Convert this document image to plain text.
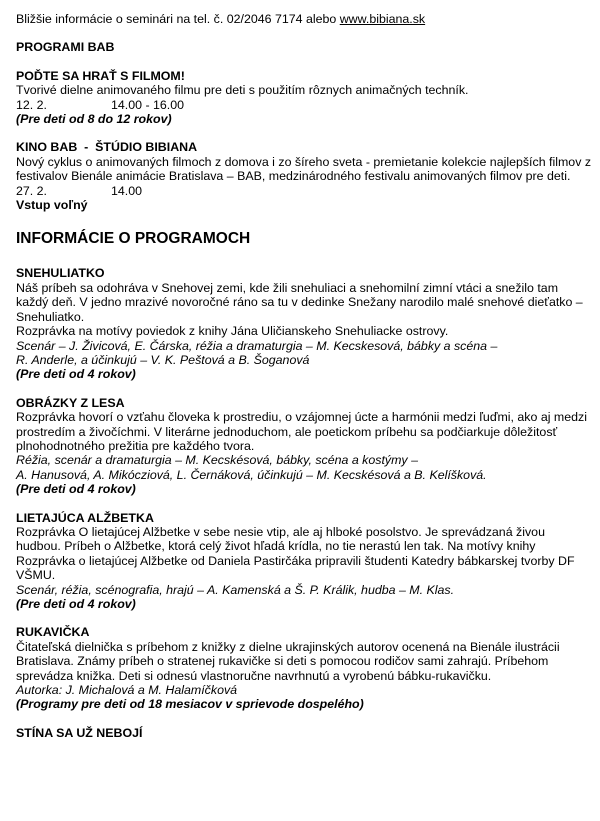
Bližšie informácie o seminári na tel. č. 02/2046 7174 alebo www.bibiana.sk

PROGRAMI BAB

POĎTE SA HRAŤ S FILMOM!

Tvorivé dielne animovaného filmu pre deti s použitím rôznych animačných techník.

12. 2.	14.00 - 16.00

(Pre deti od 8 do 12 rokov)

KINO BAB  -  ŠTÚDIO BIBIANA

Nový cyklus o animovaných filmoch z domova i zo šíreho sveta - premietanie kolekcie najlepších filmov z festivalov Bienále animácie Bratislava – BAB, medzinárodného festivalu animovaných filmov pre deti.

27. 2.	14.00

Vstup voľný

INFORMÁCIE O PROGRAMOCH

SNEHULIATKO

Náš príbeh sa odohráva v Snehovej zemi, kde žili snehuliaci a snehomilní zimní vtáci a snežilo tam každý deň. V jedno mrazivé novoročné ráno sa tu v dedinke Snežany narodilo malé snehové dieťatko – Snehuliatko.

Rozprávka na motívy poviedok z knihy Jána Uličianskeho Snehuliacke ostrovy.

Scenár – J. Živicová, E. Čárska, réžia a dramaturgia – M. Kecskesová, bábky a scéna –

R. Anderle, a účinkujú – V. K. Peštová a B. Šoganová

(Pre deti od 4 rokov)

OBRÁZKY Z LESA

Rozprávka hovorí o vzťahu človeka k prostrediu, o vzájomnej úcte a harmónii medzi ľuďmi, ako aj medzi prostredím a živočíchmi. V literárne jednoduchom, ale poetickom príbehu sa podčiarkuje dôležitosť plnohodnotného prežitia pre každého tvora.

Réžia, scenár a dramaturgia – M. Kecskésová, bábky, scéna a kostýmy –

A. Hanusová, A. Mikócziová, L. Černáková, účinkujú – M. Kecskésová a B. Kelíšková.

(Pre deti od 4 rokov)

LIETAJÚCA ALŽBETKA

Rozprávka O lietajúcej Alžbetke v sebe nesie vtip, ale aj hlboké posolstvo. Je sprevádzaná živou hudbou. Príbeh o Alžbetke, ktorá celý život hľadá krídla, no tie nerastú len tak. Na motívy knihy Rozprávka o lietajúcej Alžbetke od Daniela Pastirčáka pripravili študenti Katedry bábkarskej tvorby DF VŠMU.

Scenár, réžia, scénografia, hrajú – A. Kamenská a Š. P. Králik, hudba – M. Klas.

(Pre deti od 4 rokov)

RUKAVIČKA

Čitateľská dielnička s príbehom z knižky z dielne ukrajinských autorov ocenená na Bienále ilustrácii Bratislava. Známy príbeh o stratenej rukavičke si deti s pomocou rodičov sami zahrajú. Príbehom sprevádza knižka. Deti si odnesú vlastnoručne navrhnutú a vyrobenú bábku-rukavičku.

Autorka: J. Michalová a M. Halamíčková

(Programy pre deti od 18 mesiacov v sprievode dospelého)

STÍNA SA UŽ NEBOJÍ
